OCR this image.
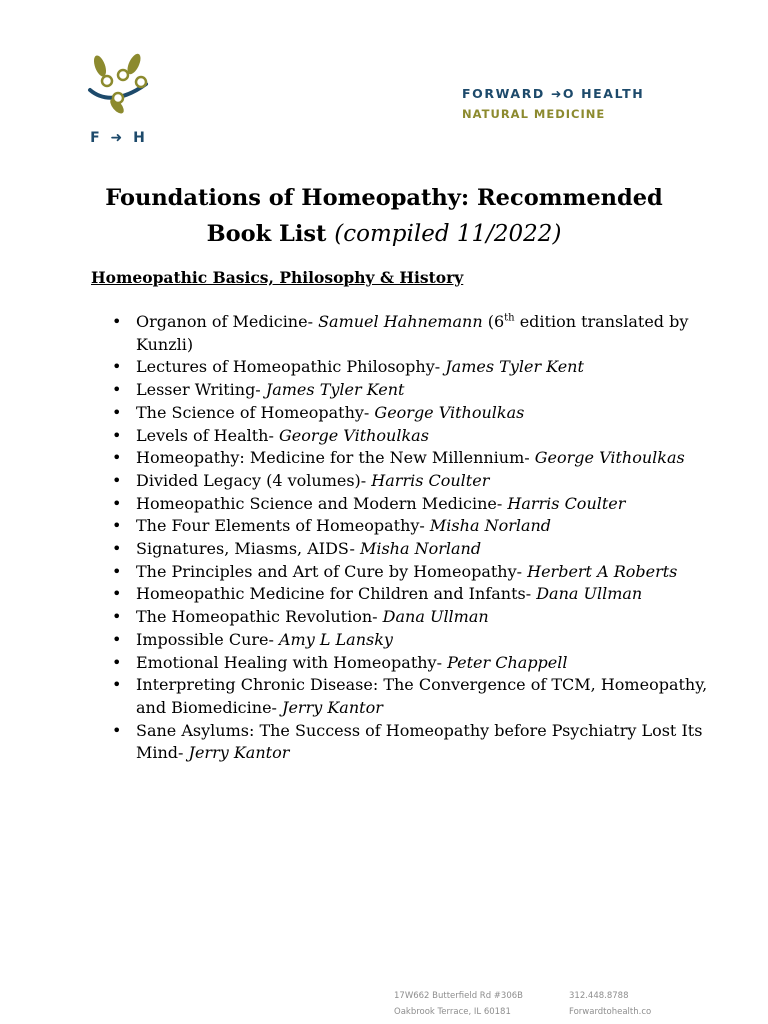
F ➜ H
FORWARD ➜O HEALTH
NATURAL MEDICINE
Foundations of Homeopathy: Recommended
Book List (compiled 11/2022)
Homeopathic Basics, Philosophy & History
• Organon of Medicine- Samuel Hahnemann (6th edition translated by Kunzli)
• Lectures of Homeopathic Philosophy- James Tyler Kent
• Lesser Writing- James Tyler Kent
• The Science of Homeopathy- George Vithoulkas
• Levels of Health- George Vithoulkas
• Homeopathy: Medicine for the New Millennium- George Vithoulkas
• Divided Legacy (4 volumes)- Harris Coulter
• Homeopathic Science and Modern Medicine- Harris Coulter
• The Four Elements of Homeopathy- Misha Norland
• Signatures, Miasms, AIDS- Misha Norland
• The Principles and Art of Cure by Homeopathy- Herbert A Roberts
• Homeopathic Medicine for Children and Infants- Dana Ullman
• The Homeopathic Revolution- Dana Ullman
• Impossible Cure- Amy L Lansky
• Emotional Healing with Homeopathy- Peter Chappell
• Interpreting Chronic Disease: The Convergence of TCM, Homeopathy, and Biomedicine- Jerry Kantor
• Sane Asylums: The Success of Homeopathy before Psychiatry Lost Its Mind- Jerry Kantor
17W662 Butterfield Rd #306B
Oakbrook Terrace, IL 60181
312.448.8788
Forwardtohealth.co
